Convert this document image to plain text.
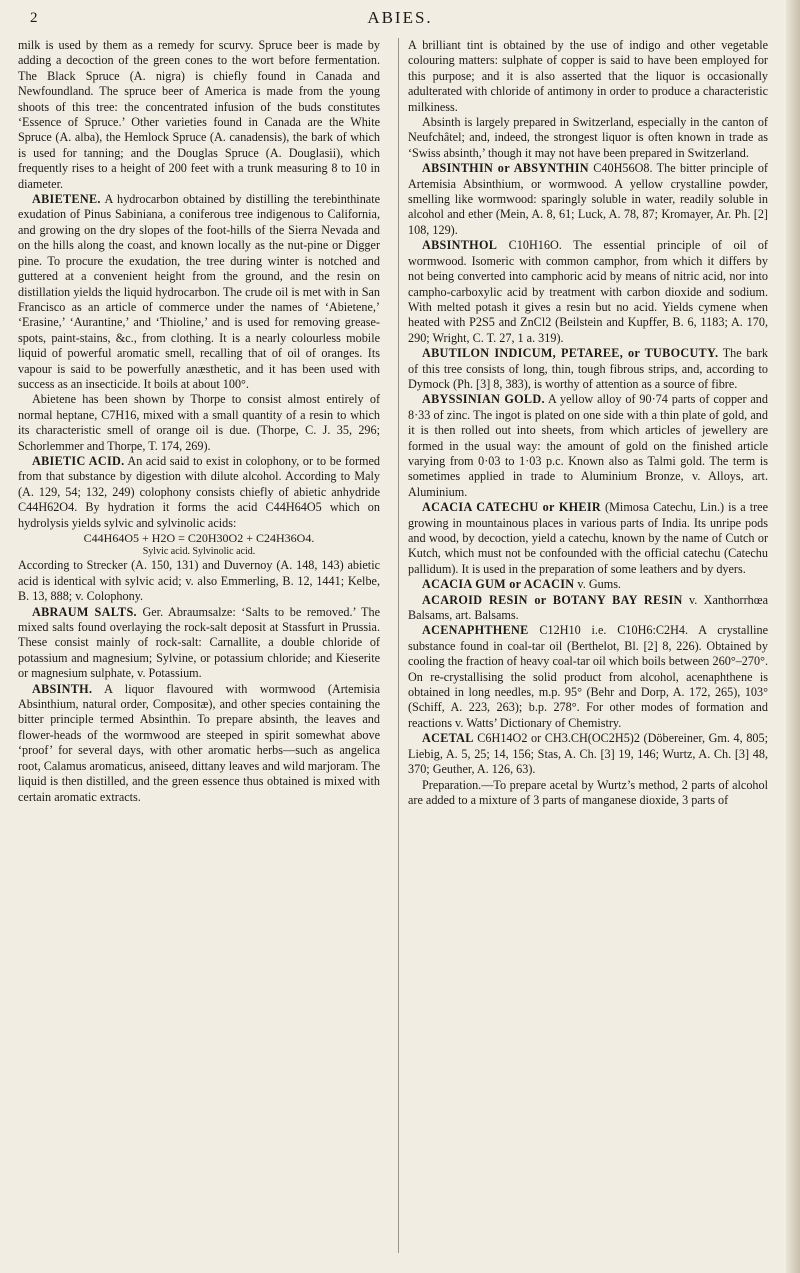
2	ABIES.

milk is used by them as a remedy for scurvy. Spruce beer is made by adding a decoction of the green cones to the wort before fermentation. The Black Spruce (A. nigra) is chiefly found in Canada and Newfoundland. The spruce beer of America is made from the young shoots of this tree: the concentrated infusion of the buds constitutes ‘Essence of Spruce.’ Other varieties found in Canada are the White Spruce (A. alba), the Hemlock Spruce (A. canadensis), the bark of which is used for tanning; and the Douglas Spruce (A. Douglasii), which frequently rises to a height of 200 feet with a trunk measuring 8 to 10 in diameter.

ABIETENE. A hydrocarbon obtained by distilling the terebinthinate exudation of Pinus Sabiniana, a coniferous tree indigenous to California, and growing on the dry slopes of the foot-hills of the Sierra Nevada and on the hills along the coast, and known locally as the nut-pine or Digger pine. To procure the exudation, the tree during winter is notched and guttered at a convenient height from the ground, and the resin on distillation yields the liquid hydrocarbon. The crude oil is met with in San Francisco as an article of commerce under the names of ‘Abietene,’ ‘Erasine,’ ‘Aurantine,’ and ‘Thioline,’ and is used for removing grease-spots, paint-stains, &c., from clothing. It is a nearly colourless mobile liquid of powerful aromatic smell, recalling that of oil of oranges. Its vapour is said to be powerfully anæsthetic, and it has been used with success as an insecticide. It boils at about 100°.

Abietene has been shown by Thorpe to consist almost entirely of normal heptane, C7H16, mixed with a small quantity of a resin to which its characteristic smell of orange oil is due. (Thorpe, C. J. 35, 296; Schorlemmer and Thorpe, T. 174, 269).

ABIETIC ACID. An acid said to exist in colophony, or to be formed from that substance by digestion with dilute alcohol. According to Maly (A. 129, 54; 132, 249) colophony consists chiefly of abietic anhydride C44H62O4. By hydration it forms the acid C44H64O5 which on hydrolysis yields sylvic and sylvinolic acids:

C44H64O5 + H2O = C20H30O2 + C24H36O4.

Sylvic acid. Sylvinolic acid.

According to Strecker (A. 150, 131) and Duvernoy (A. 148, 143) abietic acid is identical with sylvic acid; v. also Emmerling, B. 12, 1441; Kelbe, B. 13, 888; v. Colophony.

ABRAUM SALTS. Ger. Abraumsalze: ‘Salts to be removed.’ The mixed salts found overlaying the rock-salt deposit at Stassfurt in Prussia. These consist mainly of rock-salt: Carnallite, a double chloride of potassium and magnesium; Sylvine, or potassium chloride; and Kieserite or magnesium sulphate, v. Potassium.

ABSINTH. A liquor flavoured with wormwood (Artemisia Absinthium, natural order, Compositæ), and other species containing the bitter principle termed Absinthin. To prepare absinth, the leaves and flower-heads of the wormwood are steeped in spirit somewhat above ‘proof’ for several days, with other aromatic herbs—such as angelica root, Calamus aromaticus, aniseed, dittany leaves and wild marjoram. The liquid is then distilled, and the green essence thus obtained is mixed with certain aromatic extracts.

A brilliant tint is obtained by the use of indigo and other vegetable colouring matters: sulphate of copper is said to have been employed for this purpose; and it is also asserted that the liquor is occasionally adulterated with chloride of antimony in order to produce a characteristic milkiness.

Absinth is largely prepared in Switzerland, especially in the canton of Neufchâtel; and, indeed, the strongest liquor is often known in trade as ‘Swiss absinth,’ though it may not have been prepared in Switzerland.

ABSINTHIN or ABSYNTHIN C40H56O8. The bitter principle of Artemisia Absinthium, or wormwood. A yellow crystalline powder, smelling like wormwood: sparingly soluble in water, readily soluble in alcohol and ether (Mein, A. 8, 61; Luck, A. 78, 87; Kromayer, Ar. Ph. [2] 108, 129).

ABSINTHOL C10H16O. The essential principle of oil of wormwood. Isomeric with common camphor, from which it differs by not being converted into camphoric acid by means of nitric acid, nor into campho-carboxylic acid by treatment with carbon dioxide and sodium. With melted potash it gives a resin but no acid. Yields cymene when heated with P2S5 and ZnCl2 (Beilstein and Kupffer, B. 6, 1183; A. 170, 290; Wright, C. T. 27, 1 a. 319).

ABUTILON INDICUM, PETAREE, or TUBOCUTY. The bark of this tree consists of long, thin, tough fibrous strips, and, according to Dymock (Ph. [3] 8, 383), is worthy of attention as a source of fibre.

ABYSSINIAN GOLD. A yellow alloy of 90·74 parts of copper and 8·33 of zinc. The ingot is plated on one side with a thin plate of gold, and it is then rolled out into sheets, from which articles of jewellery are formed in the usual way: the amount of gold on the finished article varying from 0·03 to 1·03 p.c. Known also as Talmi gold. The term is sometimes applied in trade to Aluminium Bronze, v. Alloys, art. Aluminium.

ACACIA CATECHU or KHEIR (Mimosa Catechu, Lin.) is a tree growing in mountainous places in various parts of India. Its unripe pods and wood, by decoction, yield a catechu, known by the name of Cutch or Kutch, which must not be confounded with the official catechu (Catechu pallidum). It is used in the preparation of some leathers and by dyers.

ACACIA GUM or ACACIN v. Gums.

ACAROID RESIN or BOTANY BAY RESIN v. Xanthorrhœa Balsams, art. Balsams.

ACENAPHTHENE C12H10 i.e. C10H6:C2H4. A crystalline substance found in coal-tar oil (Berthelot, Bl. [2] 8, 226). Obtained by cooling the fraction of heavy coal-tar oil which boils between 260°–270°. On re-crystallising the solid product from alcohol, acenaphthene is obtained in long needles, m.p. 95° (Behr and Dorp, A. 172, 265), 103° (Schiff, A. 223, 263); b.p. 278°. For other modes of formation and reactions v. Watts’ Dictionary of Chemistry.

ACETAL C6H14O2 or CH3.CH(OC2H5)2 (Döbereiner, Gm. 4, 805; Liebig, A. 5, 25; 14, 156; Stas, A. Ch. [3] 19, 146; Wurtz, A. Ch. [3] 48, 370; Geuther, A. 126, 63).

Preparation.—To prepare acetal by Wurtz’s method, 2 parts of alcohol are added to a mixture of 3 parts of manganese dioxide, 3 parts of
